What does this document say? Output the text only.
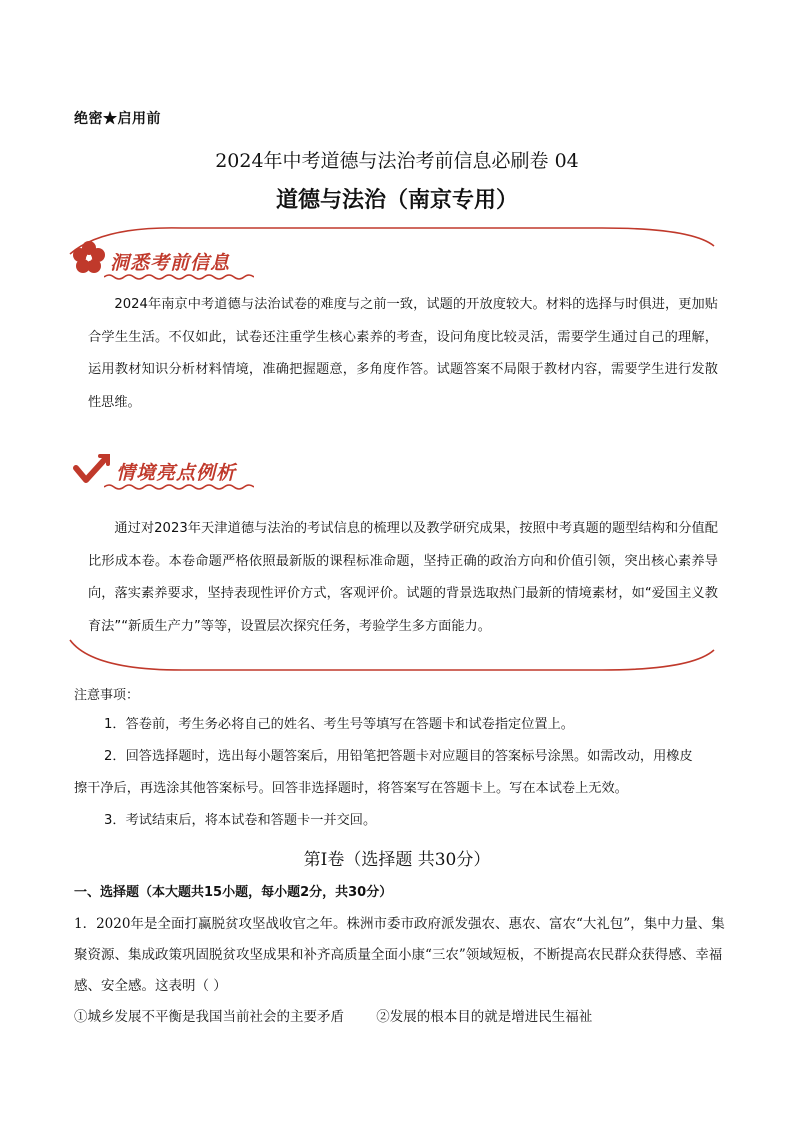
绝密★启用前
2024年中考道德与法治考前信息必刷卷 04
道德与法治（南京专用）
洞悉考前信息
2024年南京中考道德与法治试卷的难度与之前一致，试题的开放度较大。材料的选择与时俱进，更加贴合学生生活。不仅如此，试卷还注重学生核心素养的考查，设问角度比较灵活，需要学生通过自己的理解，运用教材知识分析材料情境，准确把握题意，多角度作答。试题答案不局限于教材内容，需要学生进行发散性思维。
情境亮点例析
通过对2023年天津道德与法治的考试信息的梳理以及教学研究成果，按照中考真题的题型结构和分值配比形成本卷。本卷命题严格依照最新版的课程标准命题，坚持正确的政治方向和价值引领，突出核心素养导向，落实素养要求，坚持表现性评价方式，客观评价。试题的背景选取热门最新的情境素材，如“爱国主义教育法”“新质生产力”等等，设置层次探究任务，考验学生多方面能力。
注意事项：
1．答卷前，考生务必将自己的姓名、考生号等填写在答题卡和试卷指定位置上。
2．回答选择题时，选出每小题答案后，用铅笔把答题卡对应题目的答案标号涂黑。如需改动，用橡皮
擦干净后，再选涂其他答案标号。回答非选择题时，将答案写在答题卡上。写在本试卷上无效。
3．考试结束后，将本试卷和答题卡一并交回。
第Ⅰ卷（选择题 共30分）
一、选择题（本大题共15小题，每小题2分，共30分）
1．2020年是全面打赢脱贫攻坚战收官之年。株洲市委市政府派发强农、惠农、富农“大礼包”，集中力量、集聚资源、集成政策巩固脱贫攻坚成果和补齐高质量全面小康“三农”领域短板，不断提高农民群众获得感、幸福感、安全感。这表明（ ）
①城乡发展不平衡是我国当前社会的主要矛盾 ②发展的根本目的就是增进民生福祉
